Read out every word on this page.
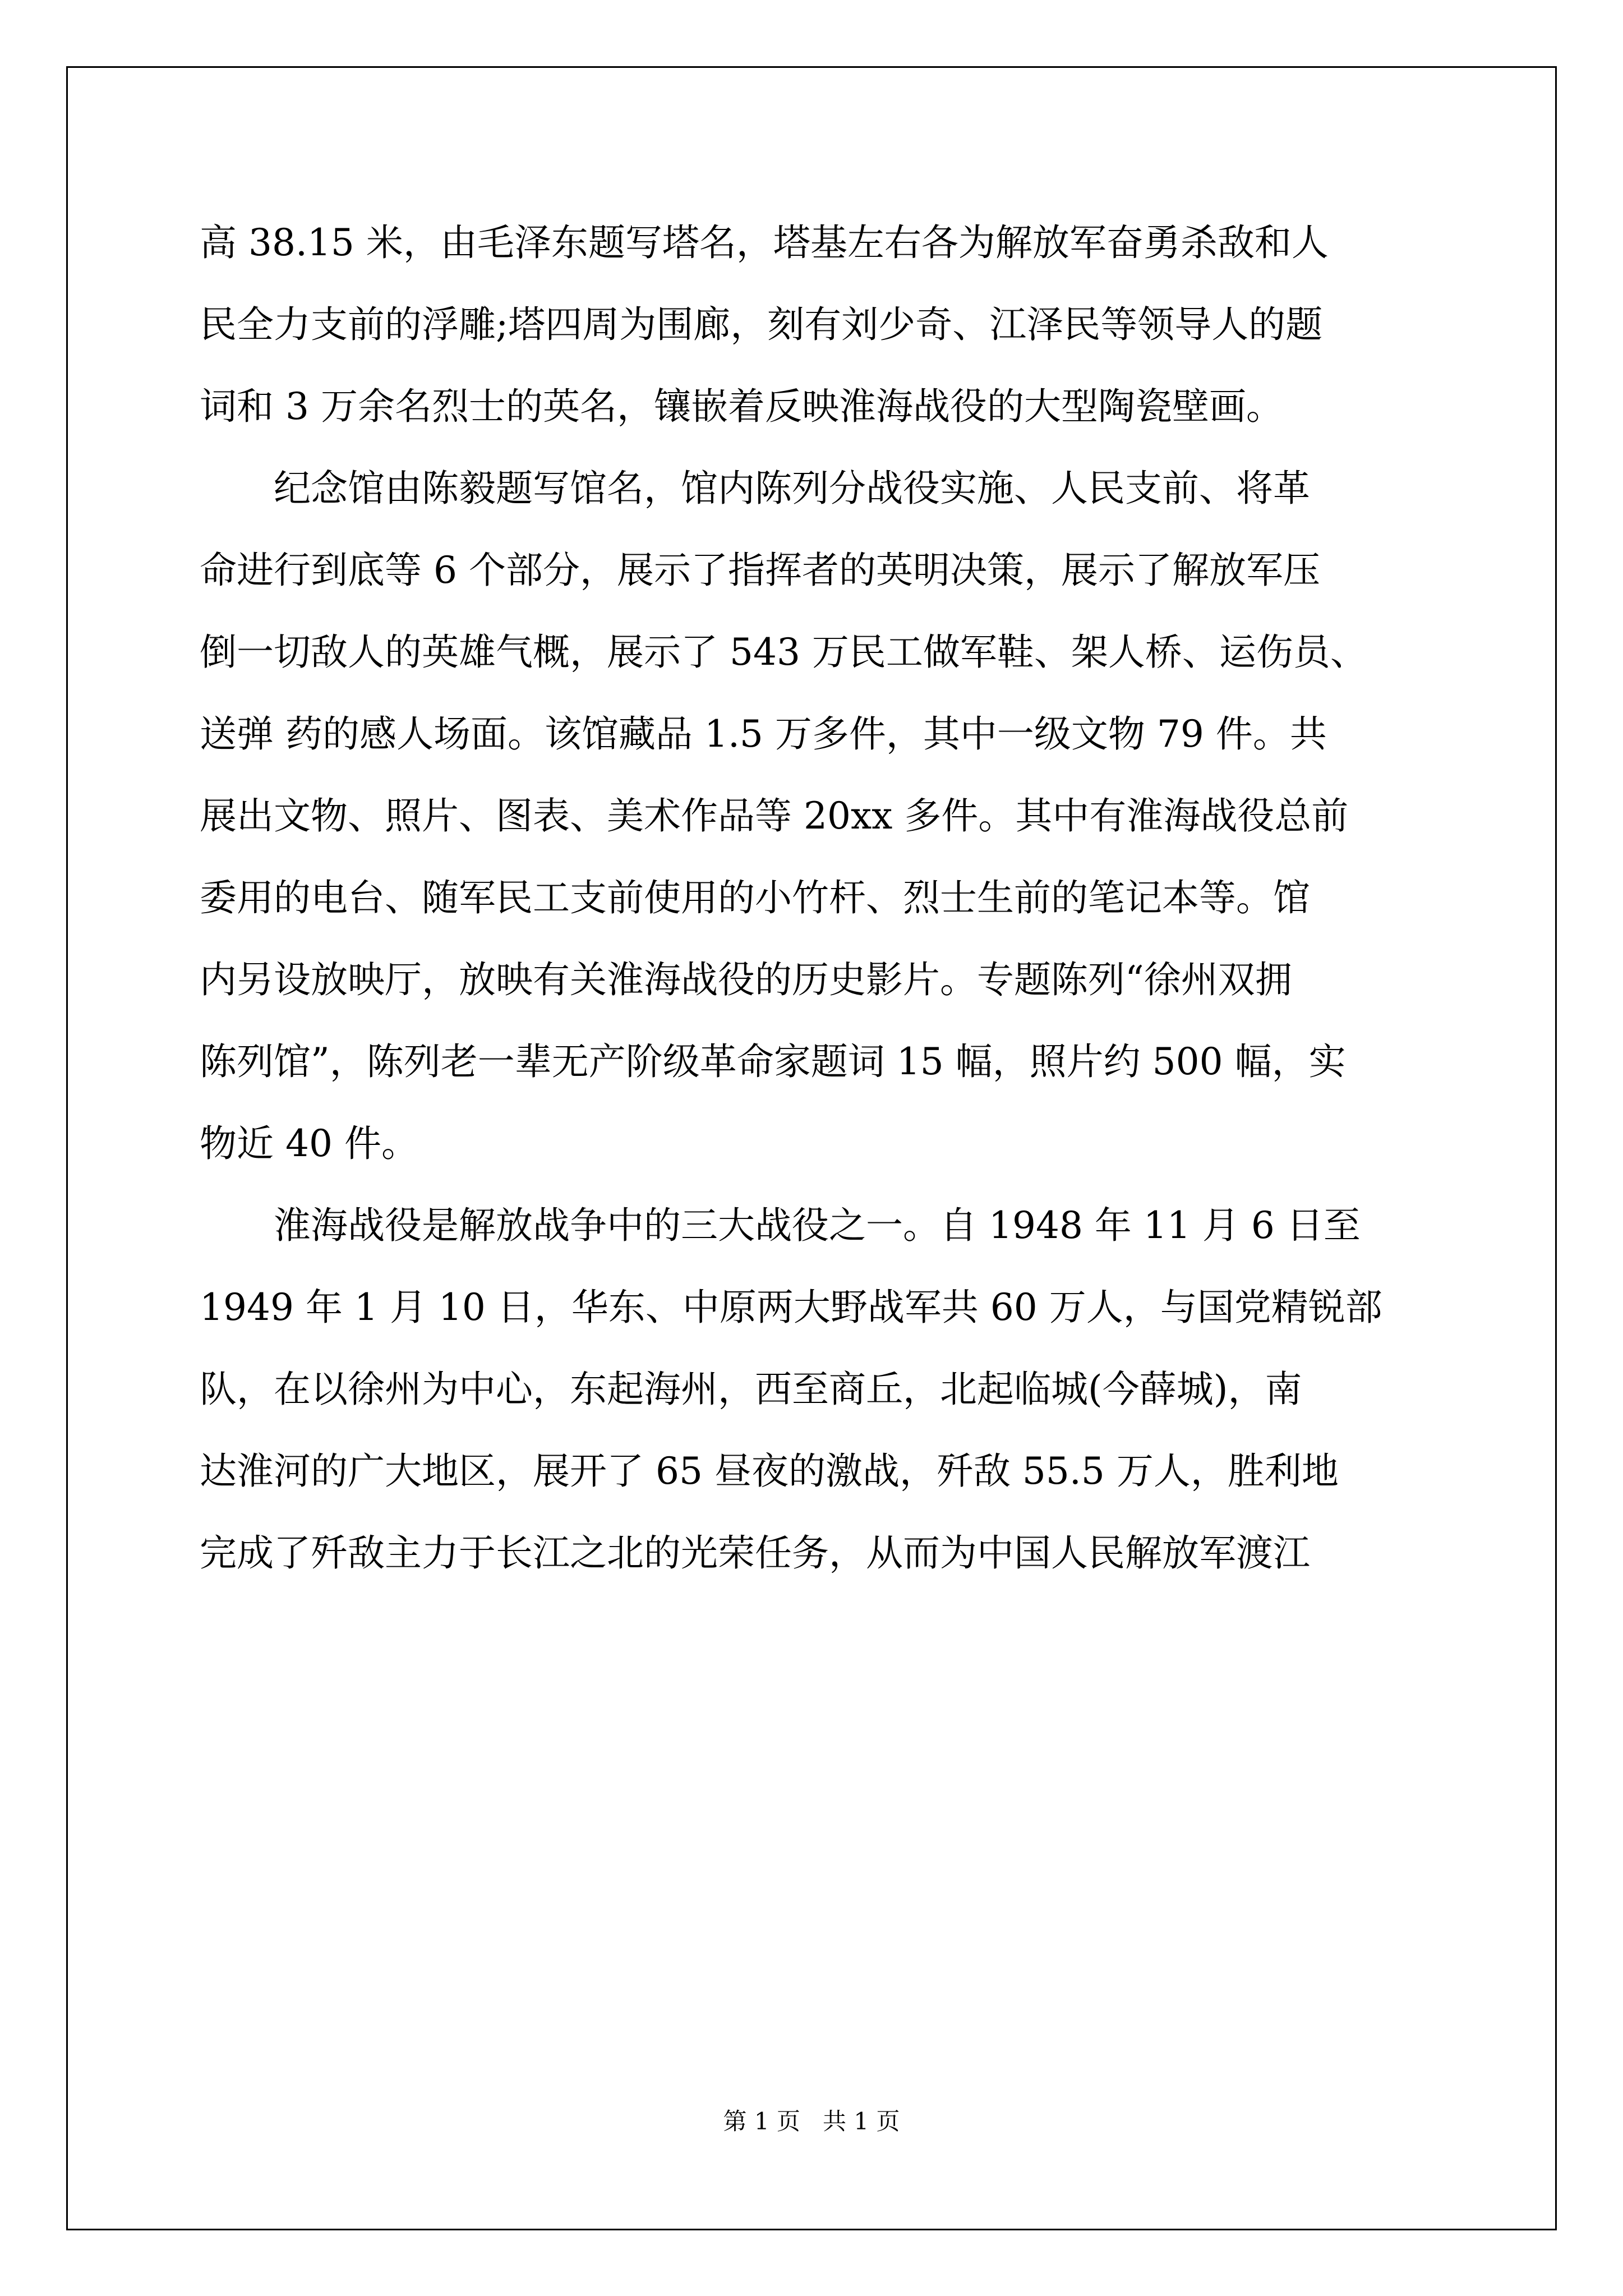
高 38.15 米，由毛泽东题写塔名，塔基左右各为解放军奋勇杀敌和人
民全力支前的浮雕;塔四周为围廊，刻有刘少奇、江泽民等领导人的题
词和 3 万余名烈士的英名，镶嵌着反映淮海战役的大型陶瓷壁画。
　　纪念馆由陈毅题写馆名，馆内陈列分战役实施、人民支前、将革
命进行到底等 6 个部分，展示了指挥者的英明决策，展示了解放军压
倒一切敌人的英雄气概，展示了 543 万民工做军鞋、架人桥、运伤员、
送弹 药的感人场面。该馆藏品 1.5 万多件，其中一级文物 79 件。共
展出文物、照片、图表、美术作品等 20xx 多件。其中有淮海战役总前
委用的电台、随军民工支前使用的小竹杆、烈士生前的笔记本等。馆
内另设放映厅，放映有关淮海战役的历史影片。专题陈列“徐州双拥
陈列馆”，陈列老一辈无产阶级革命家题词 15 幅，照片约 500 幅，实
物近 40 件。
　　淮海战役是解放战争中的三大战役之一。自 1948 年 11 月 6 日至
1949 年 1 月 10 日，华东、中原两大野战军共 60 万人，与国党精锐部
队，在以徐州为中心，东起海州，西至商丘，北起临城(今薛城)，南
达淮河的广大地区，展开了 65 昼夜的激战，歼敌 55.5 万人，胜利地
完成了歼敌主力于长江之北的光荣任务，从而为中国人民解放军渡江
第 1 页   共 1 页
